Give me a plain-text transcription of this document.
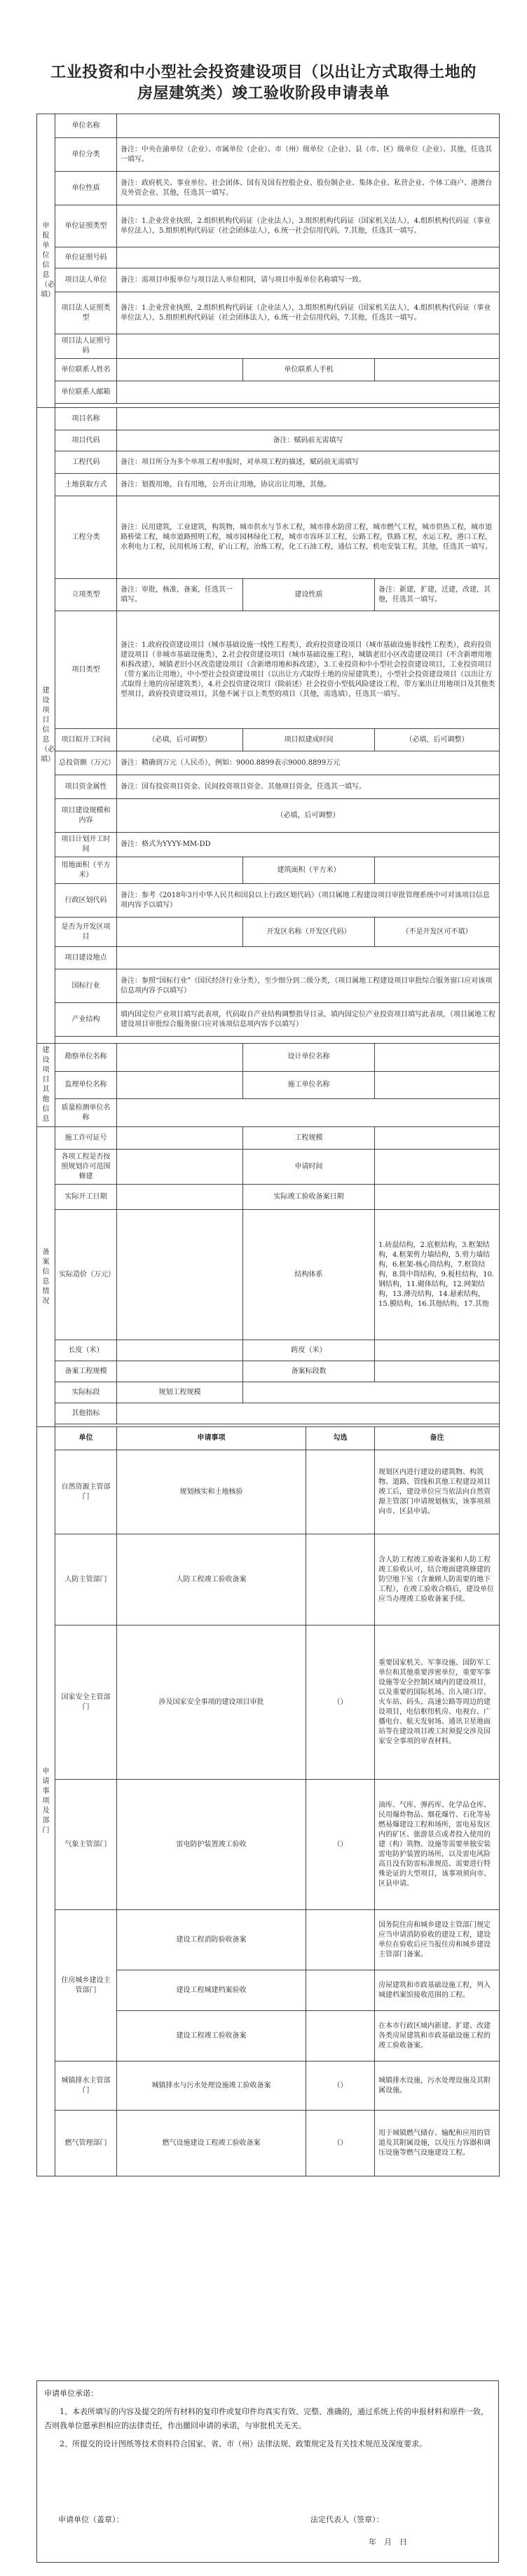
工业投资和中小型社会投资建设项目（以出让方式取得土地的房屋建筑类）竣工验收阶段申请表单
申报单位信息（必填）	单位名称				
	单位分类	备注：中央在渝单位（企业）、市属单位（企业）、市（州）级单位（企业）、县（市、区）级单位（企业）、其他，任选其一填写。			
	单位性质	备注：政府机关、事业单位、社会团体、国有及国有控股企业、股份制企业、集体企业、私营企业、个体工商户、港澳台及外资企业、其他，任选其一填写。			
	单位证照类型	备注：1.企业营业执照，2.组织机构代码证（企业法人），3.组织机构代码证（国家机关法人），4.组织机构代码证（事业单位法人），5.组织机构代码证（社会团体法人），6.统一社会信用代码，7.其他，任选其一填写。			
	单位证照号码				
	项目法人单位	备注：需项目申报单位与项目法人单位相同，请与项目申报单位名称填写一致。			
	项目法人证照类型	备注：1.企业营业执照，2.组织机构代码证（企业法人），3.组织机构代码证（国家机关法人），4.组织机构代码证（事业单位法人），5.组织机构代码证（社会团体法人），6.统一社会信用代码，7.其他，任选其一填写。			
	项目法人证照号码				
	单位联系人姓名		单位联系人手机		
	单位联系人邮箱				

建设项目信息（必填）	项目名称				
	项目代码	备注：赋码前无需填写			
	工程代码	备注：项目所分为多个单项工程申报时，对单项工程的描述，赋码前无需填写			
	土地获取方式	备注：划拨用地，自有用地，公开出让用地，协议出让用地，其他。			
	工程分类	备注：民用建筑，工业建筑，构筑物，城市供水与节水工程，城市排水防涝工程，城市燃气工程，城市供热工程，城市道路桥梁工程，城市道路照明工程，城市园林绿化工程，城市市容环卫工程，公路工程，铁路工程，水运工程，港口工程，水利电力工程，民用机场工程，矿山工程，治炼工程，化工石油工程，通信工程，机电安装工程，其他，任选其一填写。			
	立项类型	备注：审批，核准，备案，任选其一填写。	建设性质		备注：新建，扩建，迁建，改建，其他，任选其一填写。
	项目类型	备注：1.政府投资建设项目（城市基础设施一线性工程类），政府投资建设项目（城市基础设施非线性工程类），政府投资建设项目（非城市基础设施类），2.社会投资建设项目（城市基础设施工程），城镇老旧小区改造建设项目（不含新增用地和拆改建），城镇老旧小区改造建设项目（含新增用地和拆改建），3.工业投资和中小型社会投资建设项目，工业投资项目（带方案出让用地），中小型社会投资建设项目（以出让方式取得土地的房屋建筑类），小型社会投资建设项目（以出让方式取得土地的房屋建筑类），4.社会投资建设项目（除前述）社会投资小型低风险建设工程，带方案出让用地项目及其他类型项目，政府投资建设项目，其他不属于以上类型的项目（其他，需选填），任选其一填写。			
	项目拟开工时间	（必填，后可调整）	项目拟建成时间		（必填，后可调整）
	总投资额（万元）	备注：精确到万元（人民币），例如：9000.8899表示9000.8899万元			
	项目资金属性	备注：国有投资项目资金、民间投资项目资金、其他项目资金，任选其一填写。			
	项目建设规模和内容	（必填，后可调整）			
	项目计划开工时间	备注：格式为YYYY-MM-DD			
	用地面积（平方米）		建筑面积（平方米）		
	行政区划代码	备注：参考《2018年3月中华人民共和国县以上行政区划代码》（项目属地工程建设项目审批管理系统中可对该项目信息项内容予以填写）			
	是否为开发区项目		开发区名称（开发区代码）		（不是开发区可不填）
	项目建设地点				
	国标行业	备注：参照“国标行业”（国民经济行业分类），至少细分到二级分类，（项目属地工程建设项目审批综合服务窗口应对该项信息项内容予以填写）			
	产业结构	填内国定位产业项目填写此表项，代码取自产业结构调整指导目录，填内国定位产业投资项目填写此表项，（项目属地工程建设项目审批综合服务窗口应对该项信息项内容予以填写）			

建设项目其他信息	勘察单位名称		设计单位名称		
	监理单位名称		施工单位名称		
	质量检测单位名称				
备案信息情况	施工许可证号		工程规模		
	各项工程是否按照规划许可范围修建		申请时间		
	实际开工日期		实际竣工验收备案日期		
	实际造价（万元）		结构体系		1.砖混结构，2.底框结构，3.框架结构，4.框架剪力墙结构，5.剪力墙结构，6.框架-核心筒结构，7.框筒结构，8.筒中筒结构，9.板柱结构，10.钢结构，11.砌体结构，12.网架结构，13.薄壳结构，14.悬索结构，15.膜结构，16.其他结构，17.其他
	长度（米）		跨度（米）		
	备案工程规模		备案标段数		
	实际标段	规划工程规模			
	其他指标				

申请事项及部门	单位	申请事项		勾选	备注
	自然资源主管部门	规划核实和土地核验			规划区内进行建设的建筑物、构筑物、道路、管线和其他工程建设项目竣工后，建设单位应当依法向自然资源主管部门申请规划核实，该事项须向市、区县申请。
	人防主管部门	人防工程竣工验收备案			含人防工程竣工验收备案和人防工程竣工验收认可，结合地面建筑修建的防空地下室（含兼顾人防需要的地下工程），在竣工验收合格后，建设单位应当办理竣工验收备案手续。
	国家安全主管部门	涉及国家安全事项的建设项目审批		（）	重要国家机关、军事设施、国防军工单位和其他重要涉密单位，重要军事设施等安全控制区域内的建设项目，以及重要的国际机场、出入境口岸、火车站、码头、高速公路等周边的建设项目，电信枢纽机房、电视台、广播电台、航天发射场、通讯卫星地面站等在建设项目竣工时须提交涉及国家安全事项的审查材料。
	气象主管部门	雷电防护装置竣工验收		（）	油库、气库、弹药库、化学品仓库、民用爆炸物品、烟花爆竹、石化等易燃易爆建设工程和场所，雷电易发区内的矿区、旅游景点或者投入使用的建（构）筑物、设施等需要单独安装雷电防护装置的场所，以及雷电风险高且没有防雷标准规范、需要进行特殊论证的大型项目，该事项须向市、区县申请。
	住房城乡建设主管部门	建设工程消防验收备案			国务院住房和城乡建设主管部门规定应当申请消防验收的建设工程，建设单位在验收后应当报住房和城乡建设主管部门备案。
		建设工程城建档案验收			房屋建筑和市政基础设施工程，列入城建档案馆接收范围的工程。
		建设工程竣工验收备案			在本市行政区域内新建、扩建、改建各类房屋建筑和市政基础设施工程的竣工验收备案。
	城镇排水主管部门	城镇排水与污水处理设施竣工验收备案		（）	城镇排水设施，污水处理设施及其附属设施。
	燃气管理部门	燃气设施建设工程竣工验收备案		（）	用于城镇燃气储存、输配和应用的管道及其附属设施，以及压力容器和调压设施等燃气设施建设工程。

申请单位承诺：

1、本表所填写的内容及提交的所有材料的复印件或复印件均真实有效、完整、准确的，通过系统上传的申报材料和原件一致，否则我单位愿承担相应的法律责任，作出撤回申请的承诺，与审批机关无关。

2、所提交的设计图纸等技术资料符合国家、省、市（州）法律法规、政策规定及有关技术规范及深度要求。

申请单位（盖章）：	法定代表人（签章）：
年　月　日
